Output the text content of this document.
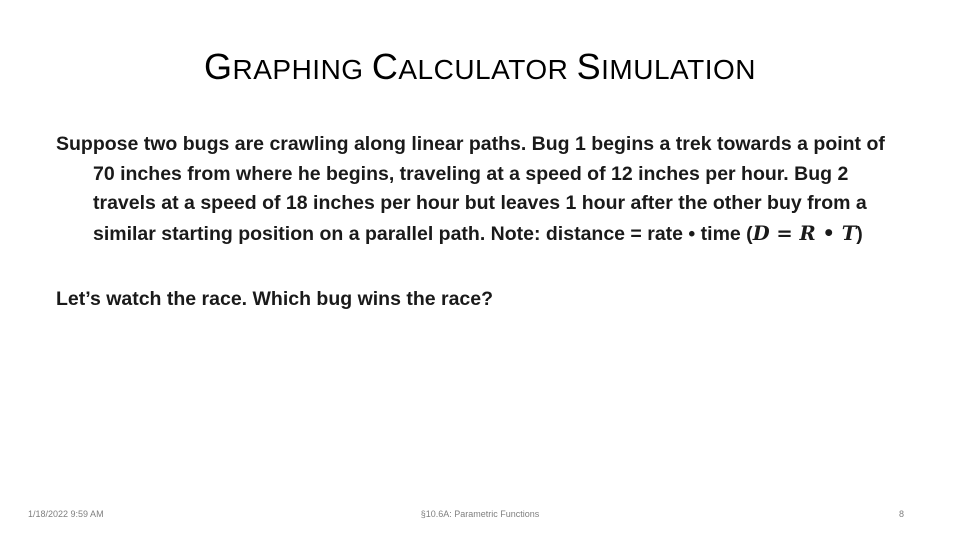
GRAPHING CALCULATOR SIMULATION

Suppose two bugs are crawling along linear paths. Bug 1 begins a trek towards a point of 70 inches from where he begins, traveling at a speed of 12 inches per hour. Bug 2 travels at a speed of 18 inches per hour but leaves 1 hour after the other buy from a similar starting position on a parallel path. Note: distance = rate • time (D = R • T)

Let’s watch the race. Which bug wins the race?

1/18/2022 9:59 AM	§10.6A: Parametric Functions	8
